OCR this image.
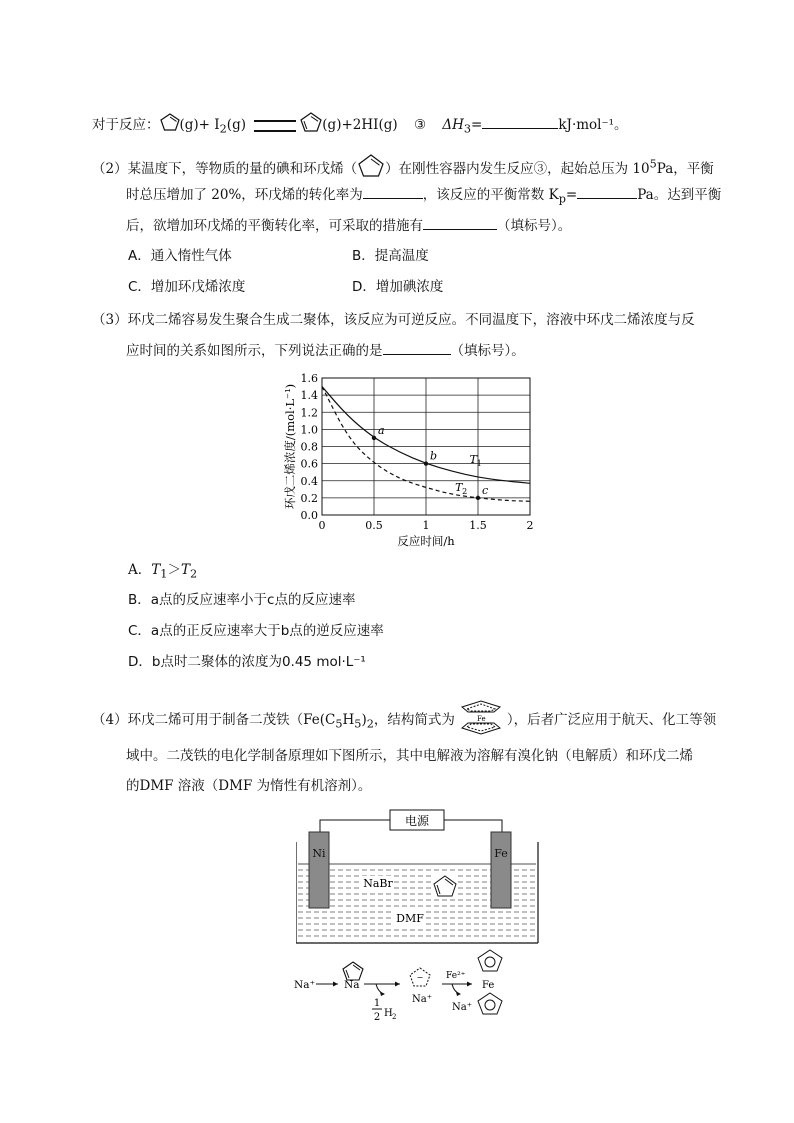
对于反应： $(g)+ I_2(g)$	(g)+2HI(g) ③ $\Delta H_3=$	kJ·mol⁻¹。
（2）某温度下，等物质的量的碘和环戊烯（ ）在刚性容器内发生反应③，起始总压为 $10^5Pa$，平衡
时总压增加了 20%，环戊烯的转化率为	，该反应的平衡常数 $K_p=$	Pa。达到平衡
后，欲增加环戊烯的平衡转化率，可采取的措施有	（填标号）。
A．通入惰性气体	B．提高温度
C．增加环戊烯浓度	D．增加碘浓度
（3）环戊二烯容易发生聚合生成二聚体，该反应为可逆反应。不同温度下，溶液中环戊二烯浓度与反
应时间的关系如图所示，下列说法正确的是	（填标号）。
0.0
0.2
0.4
0.6
0.8
1.0
1.2
1.4
1.6
0	0.5	1	1.5	2
a
b
c
T 1
T 2
反应时间/h
环戊二烯浓度/(mol·L⁻¹)
A．$T_1>T_2$
B．a点的反应速率小于c点的反应速率
C．a点的正反应速率大于b点的逆反应速率
D．b点时二聚体的浓度为0.45 mol·L⁻¹
（4）环戊二烯可用于制备二茂铁（$Fe(C_5H_5)_2$，结构简式为	Fe ），后者广泛应用于航天、化工等领
域中。二茂铁的电化学制备原理如下图所示，其中电解液为溶解有溴化钠（电解质）和环戊二烯
的DMF 溶液（DMF 为惰性有机溶剂）。
电源
Ni	Fe
NaBr
DMF
Na⁺	Na
1
2 H 2
−
Na⁺
Fe²⁺
Na⁺
Fe
